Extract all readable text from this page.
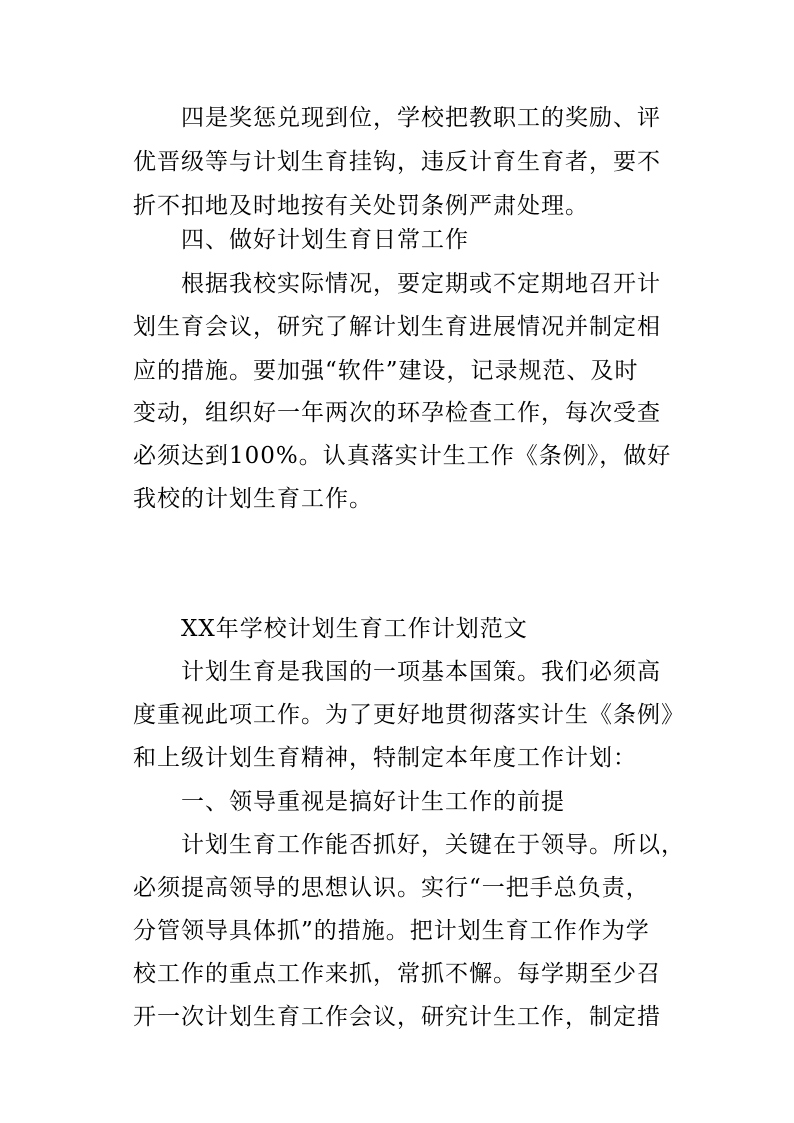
四是奖惩兑现到位，学校把教职工的奖励、评
优晋级等与计划生育挂钩，违反计育生育者，要不
折不扣地及时地按有关处罚条例严肃处理。
四、做好计划生育日常工作
根据我校实际情况，要定期或不定期地召开计
划生育会议，研究了解计划生育进展情况并制定相
应的措施。要加强“软件”建设，记录规范、及时
变动，组织好一年两次的环孕检查工作，每次受查
必须达到100%。认真落实计生工作《条例》，做好
我校的计划生育工作。
XX年学校计划生育工作计划范文
计划生育是我国的一项基本国策。我们必须高
度重视此项工作。为了更好地贯彻落实计生《条例》
和上级计划生育精神，特制定本年度工作计划：
一、领导重视是搞好计生工作的前提
计划生育工作能否抓好，关键在于领导。所以，
必须提高领导的思想认识。实行“一把手总负责，
分管领导具体抓”的措施。把计划生育工作作为学
校工作的重点工作来抓，常抓不懈。每学期至少召
开一次计划生育工作会议，研究计生工作，制定措
